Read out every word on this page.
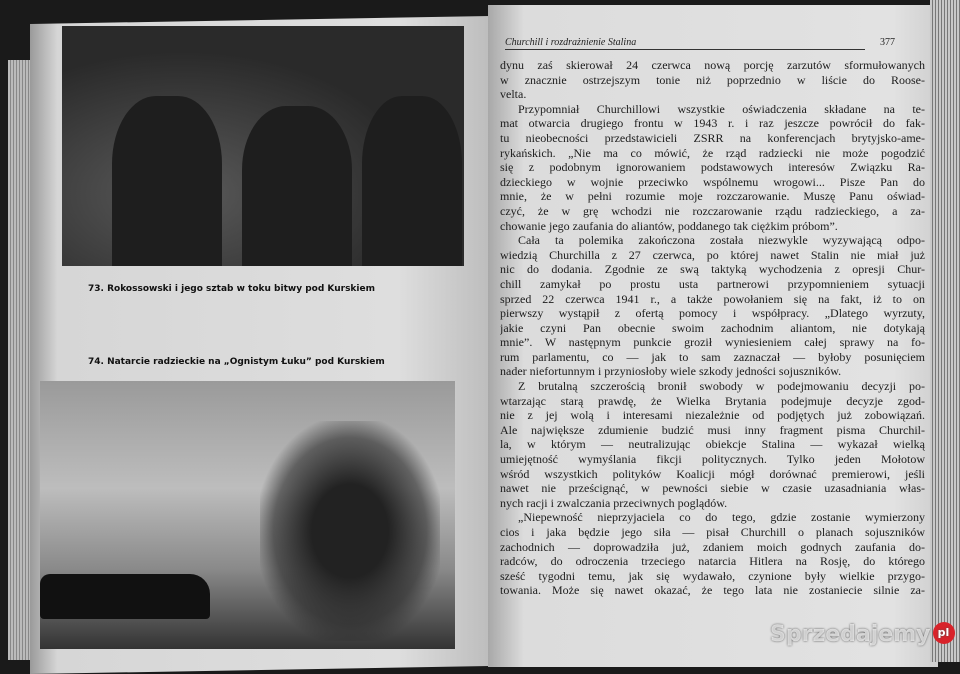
73. Rokossowski i jego sztab w toku bitwy pod Kurskiem
74. Natarcie radzieckie na „Ognistym Łuku” pod Kurskiem
Churchill i rozdrażnienie Stalina	377
dynu zaś skierował 24 czerwca nową porcję zarzutów sformułowanych
w znacznie ostrzejszym tonie niż poprzednio w liście do Roose-
velta.
Przypomniał Churchillowi wszystkie oświadczenia składane na te-
mat otwarcia drugiego frontu w 1943 r. i raz jeszcze powrócił do fak-
tu nieobecności przedstawicieli ZSRR na konferencjach brytyjsko-ame-
rykańskich. „Nie ma co mówić, że rząd radziecki nie może pogodzić
się z podobnym ignorowaniem podstawowych interesów Związku Ra-
dzieckiego w wojnie przeciwko wspólnemu wrogowi... Pisze Pan do
mnie, że w pełni rozumie moje rozczarowanie. Muszę Panu oświad-
czyć, że w grę wchodzi nie rozczarowanie rządu radzieckiego, a za-
chowanie jego zaufania do aliantów, poddanego tak ciężkim próbom”.
Cała ta polemika zakończona została niezwykle wyzywającą odpo-
wiedzią Churchilla z 27 czerwca, po której nawet Stalin nie miał już
nic do dodania. Zgodnie ze swą taktyką wychodzenia z opresji Chur-
chill zamykał po prostu usta partnerowi przypomnieniem sytuacji
sprzed 22 czerwca 1941 r., a także powołaniem się na fakt, iż to on
pierwszy wystąpił z ofertą pomocy i współpracy. „Dlatego wyrzuty,
jakie czyni Pan obecnie swoim zachodnim aliantom, nie dotykają
mnie”. W następnym punkcie groził wyniesieniem całej sprawy na fo-
rum parlamentu, co — jak to sam zaznaczał — byłoby posunięciem
nader niefortunnym i przyniosłoby wiele szkody jedności sojuszników.
Z brutalną szczerością bronił swobody w podejmowaniu decyzji po-
wtarzając starą prawdę, że Wielka Brytania podejmuje decyzje zgod-
nie z jej wolą i interesami niezależnie od podjętych już zobowiązań.
Ale największe zdumienie budzić musi inny fragment pisma Churchil-
la, w którym — neutralizując obiekcje Stalina — wykazał wielką
umiejętność wymyślania fikcji politycznych. Tylko jeden Mołotow
wśród wszystkich polityków Koalicji mógł dorównać premierowi, jeśli
nawet nie prześcignąć, w pewności siebie w czasie uzasadniania włas-
nych racji i zwalczania przeciwnych poglądów.
„Niepewność nieprzyjaciela co do tego, gdzie zostanie wymierzony
cios i jaka będzie jego siła — pisał Churchill o planach sojuszników
zachodnich — doprowadziła już, zdaniem moich godnych zaufania do-
radców, do odroczenia trzeciego natarcia Hitlera na Rosję, do którego
sześć tygodni temu, jak się wydawało, czynione były wielkie przygo-
towania. Może się nawet okazać, że tego lata nie zostaniecie silnie za-
Sprzedajemy pl
